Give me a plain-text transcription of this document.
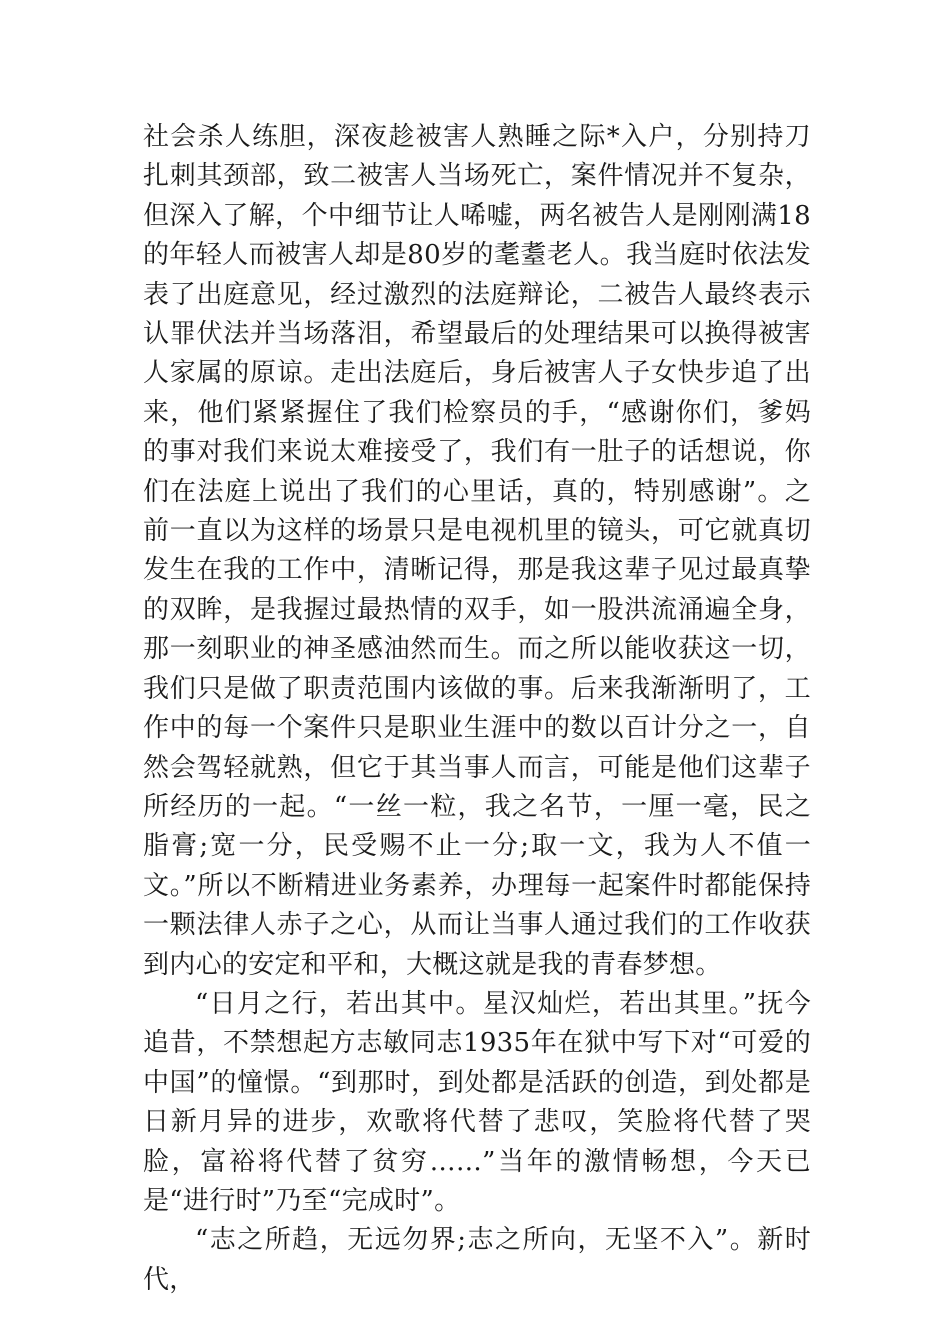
社会杀人练胆，深夜趁被害人熟睡之际*入户，分别持刀扎刺其颈部，致二被害人当场死亡，案件情况并不复杂，但深入了解，个中细节让人唏嘘，两名被告人是刚刚满18的年轻人而被害人却是80岁的耄耋老人。我当庭时依法发表了出庭意见，经过激烈的法庭辩论，二被告人最终表示认罪伏法并当场落泪，希望最后的处理结果可以换得被害人家属的原谅。走出法庭后，身后被害人子女快步追了出来，他们紧紧握住了我们检察员的手，“感谢你们，爹妈的事对我们来说太难接受了，我们有一肚子的话想说，你们在法庭上说出了我们的心里话，真的，特别感谢”。之前一直以为这样的场景只是电视机里的镜头，可它就真切发生在我的工作中，清晰记得，那是我这辈子见过最真挚的双眸，是我握过最热情的双手，如一股洪流涌遍全身，那一刻职业的神圣感油然而生。而之所以能收获这一切，我们只是做了职责范围内该做的事。后来我渐渐明了，工作中的每一个案件只是职业生涯中的数以百计分之一，自然会驾轻就熟，但它于其当事人而言，可能是他们这辈子所经历的一起。“一丝一粒，我之名节，一厘一毫，民之脂膏;宽一分，民受赐不止一分;取一文，我为人不值一文。”所以不断精进业务素养，办理每一起案件时都能保持一颗法律人赤子之心，从而让当事人通过我们的工作收获到内心的安定和平和，大概这就是我的青春梦想。

“日月之行，若出其中。星汉灿烂，若出其里。”抚今追昔，不禁想起方志敏同志1935年在狱中写下对“可爱的中国”的憧憬。“到那时，到处都是活跃的创造，到处都是日新月异的进步，欢歌将代替了悲叹，笑脸将代替了哭脸，富裕将代替了贫穷……”当年的激情畅想，今天已是“进行时”乃至“完成时”。

“志之所趋，无远勿界;志之所向，无坚不入”。新时代，
